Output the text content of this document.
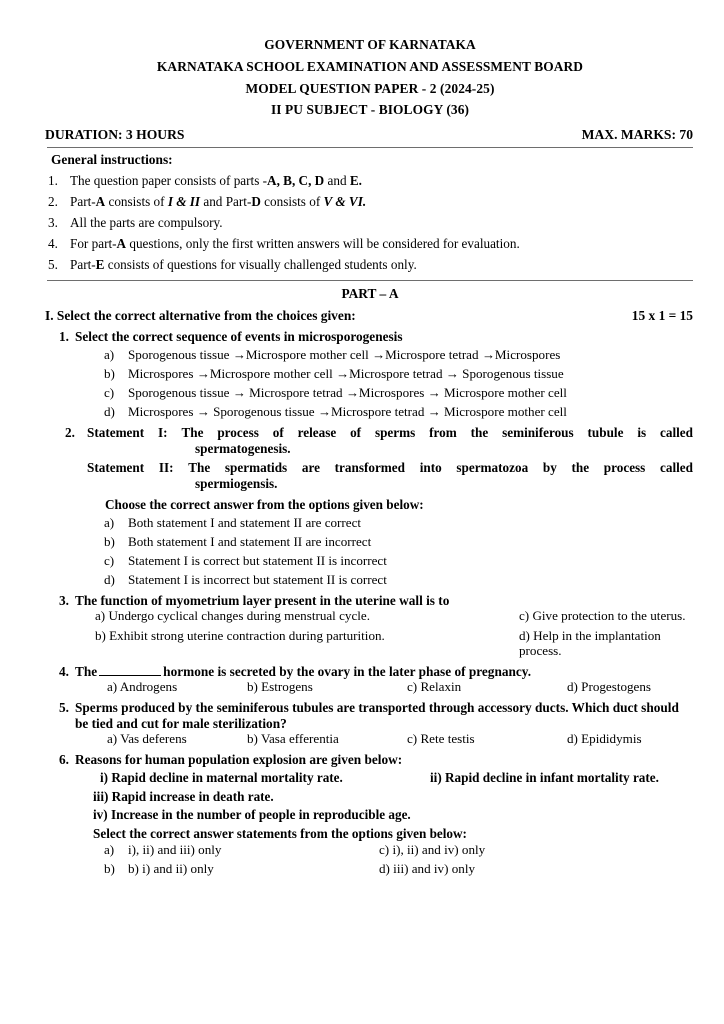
GOVERNMENT OF KARNATAKA
KARNATAKA SCHOOL EXAMINATION AND ASSESSMENT BOARD
MODEL QUESTION PAPER - 2 (2024-25)
II PU SUBJECT - BIOLOGY (36)
DURATION: 3 HOURS	MAX. MARKS: 70
General instructions:
1. The question paper consists of parts -A, B, C, D and E.
2. Part-A consists of I & II and Part-D consists of V & VI.
3. All the parts are compulsory.
4. For part-A questions, only the first written answers will be considered for evaluation.
5. Part-E consists of questions for visually challenged students only.
PART – A
I. Select the correct alternative from the choices given:	15 x 1 = 15
1. Select the correct sequence of events in microsporogenesis
a)	Sporogenous tissue →Microspore mother cell →Microspore tetrad →Microspores
b) Microspores →Microspore mother cell →Microspore tetrad → Sporogenous tissue
c)	Sporogenous tissue → Microspore tetrad →Microspores → Microspore mother cell
d) Microspores → Sporogenous tissue →Microspore tetrad → Microspore mother cell
2. Statement I: The process of release of sperms from the seminiferous tubule is called
spermatogenesis.
Statement II: The spermatids are transformed into spermatozoa by the process called
spermiogensis.
Choose the correct answer from the options given below:
a)	Both statement I and statement II are correct
b) Both statement I and statement II are incorrect
c)	Statement I is correct but statement II is incorrect
d) Statement I is incorrect but statement II is correct
3. The function of myometrium layer present in the uterine wall is to
a) Undergo cyclical changes during menstrual cycle.	c) Give protection to the uterus.
b) Exhibit strong uterine contraction during parturition.	d) Help in the implantation process.
4. The	hormone is secreted by the ovary in the later phase of pregnancy.
a) Androgens	b) Estrogens	c) Relaxin	d) Progestogens
5. Sperms produced by the seminiferous tubules are transported through accessory ducts. Which duct should be tied and cut for male sterilization?
a) Vas deferens	b) Vasa efferentia	c) Rete testis	d) Epididymis
6. Reasons for human population explosion are given below:
i) Rapid decline in maternal mortality rate.	ii) Rapid decline in infant mortality rate.
iii) Rapid increase in death rate.
iv) Increase in the number of people in reproducible age.
Select the correct answer statements from the options given below:
a) i), ii) and iii) only	c) i), ii) and iv) only
b) b) i) and ii) only	d) iii) and iv) only
